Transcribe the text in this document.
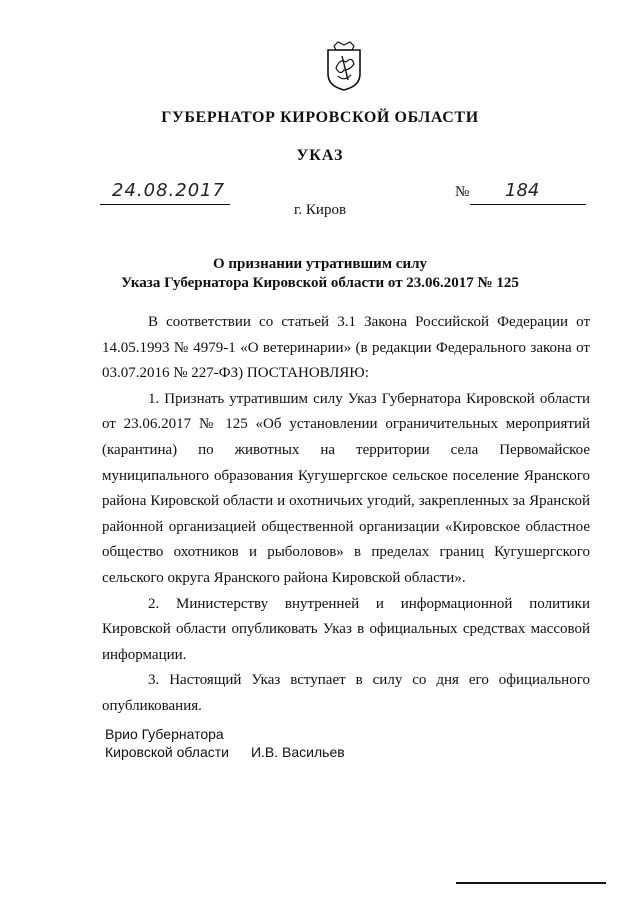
ГУБЕРНАТОР КИРОВСКОЙ ОБЛАСТИ
УКАЗ
24.08.2017	№ 184
г. Киров
О признании утратившим силу
Указа Губернатора Кировской области от 23.06.2017 № 125

В соответствии со статьей 3.1 Закона Российской Федерации от 14.05.1993 № 4979-1 «О ветеринарии» (в редакции Федерального закона от 03.07.2016 № 227-ФЗ) ПОСТАНОВЛЯЮ:

1. Признать утратившим силу Указ Губернатора Кировской области от 23.06.2017 № 125 «Об установлении ограничительных мероприятий (карантина) по животных на территории села Первомайское муниципального образования Кугушергское сельское поселение Яранского района Кировской области и охотничьих угодий, закрепленных за Яранской районной организацией общественной организации «Кировское областное общество охотников и рыболовов» в пределах границ Кугушергского сельского округа Яранского района Кировской области».

2. Министерству внутренней и информационной политики Кировской области опубликовать Указ в официальных средствах массовой информации.

3. Настоящий Указ вступает в силу со дня его официального опубликования.

Врио Губернатора
Кировской области И.В. Васильев
